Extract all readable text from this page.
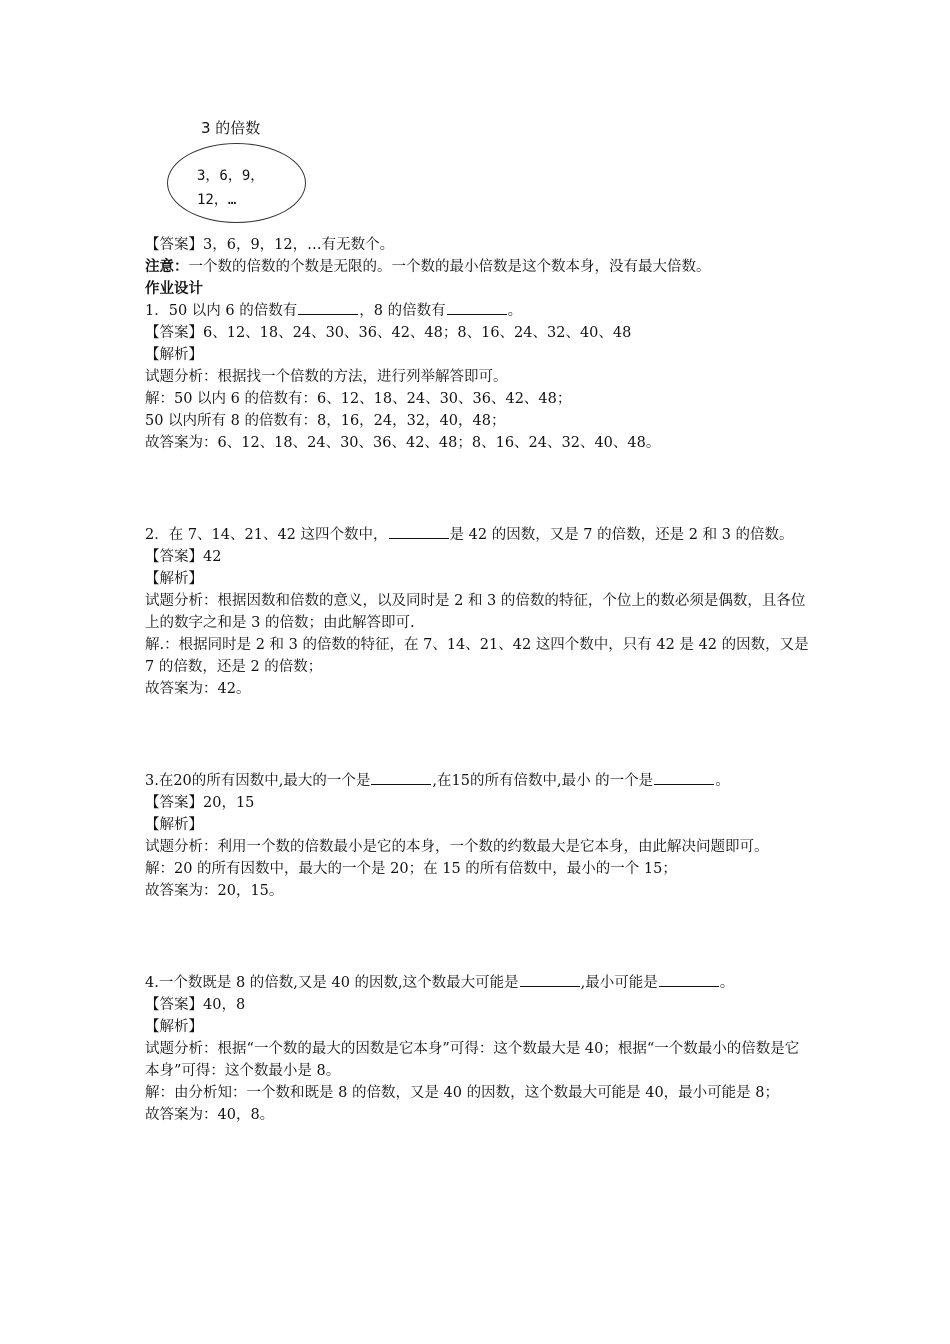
3 的倍数
3，6，9，
12，…

【答案】3，6，9，12，…有无数个。

注意：一个数的倍数的个数是无限的。一个数的最小倍数是这个数本身，没有最大倍数。

作业设计

1．50 以内 6 的倍数有	，8 的倍数有	。

【答案】6、12、18、24、30、36、42、48；8、16、24、32、40、48

【解析】

试题分析：根据找一个倍数的方法，进行列举解答即可。

解：50 以内 6 的倍数有：6、12、18、24、30、36、42、48；

50 以内所有 8 的倍数有：8，16，24，32，40，48；

故答案为：6、12、18、24、30、36、42、48；8、16、24、32、40、48。

2．在 7、14、21、42 这四个数中，	是 42 的因数，又是 7 的倍数，还是 2 和 3 的倍数。

【答案】42

【解析】

试题分析：根据因数和倍数的意义，以及同时是 2 和 3 的倍数的特征，个位上的数必须是偶数，且各位上的数字之和是 3 的倍数；由此解答即可.

解.：根据同时是 2 和 3 的倍数的特征，在 7、14、21、42 这四个数中，只有 42 是 42 的因数，又是 7 的倍数，还是 2 的倍数；

故答案为：42。

3.在20的所有因数中,最大的一个是	,在15的所有倍数中,最小 的一个是	。

【答案】20，15

【解析】

试题分析：利用一个数的倍数最小是它的本身，一个数的约数最大是它本身，由此解决问题即可。

解：20 的所有因数中，最大的一个是 20；在 15 的所有倍数中，最小的一个 15；

故答案为：20，15。

4.一个数既是 8 的倍数,又是 40 的因数,这个数最大可能是	,最小可能是	。

【答案】40，8

【解析】

试题分析：根据“一个数的最大的因数是它本身”可得：这个数最大是 40；根据“一个数最小的倍数是它本身”可得：这个数最小是 8。

解：由分析知：一个数和既是 8 的倍数，又是 40 的因数，这个数最大可能是 40，最小可能是 8；

故答案为：40，8。
